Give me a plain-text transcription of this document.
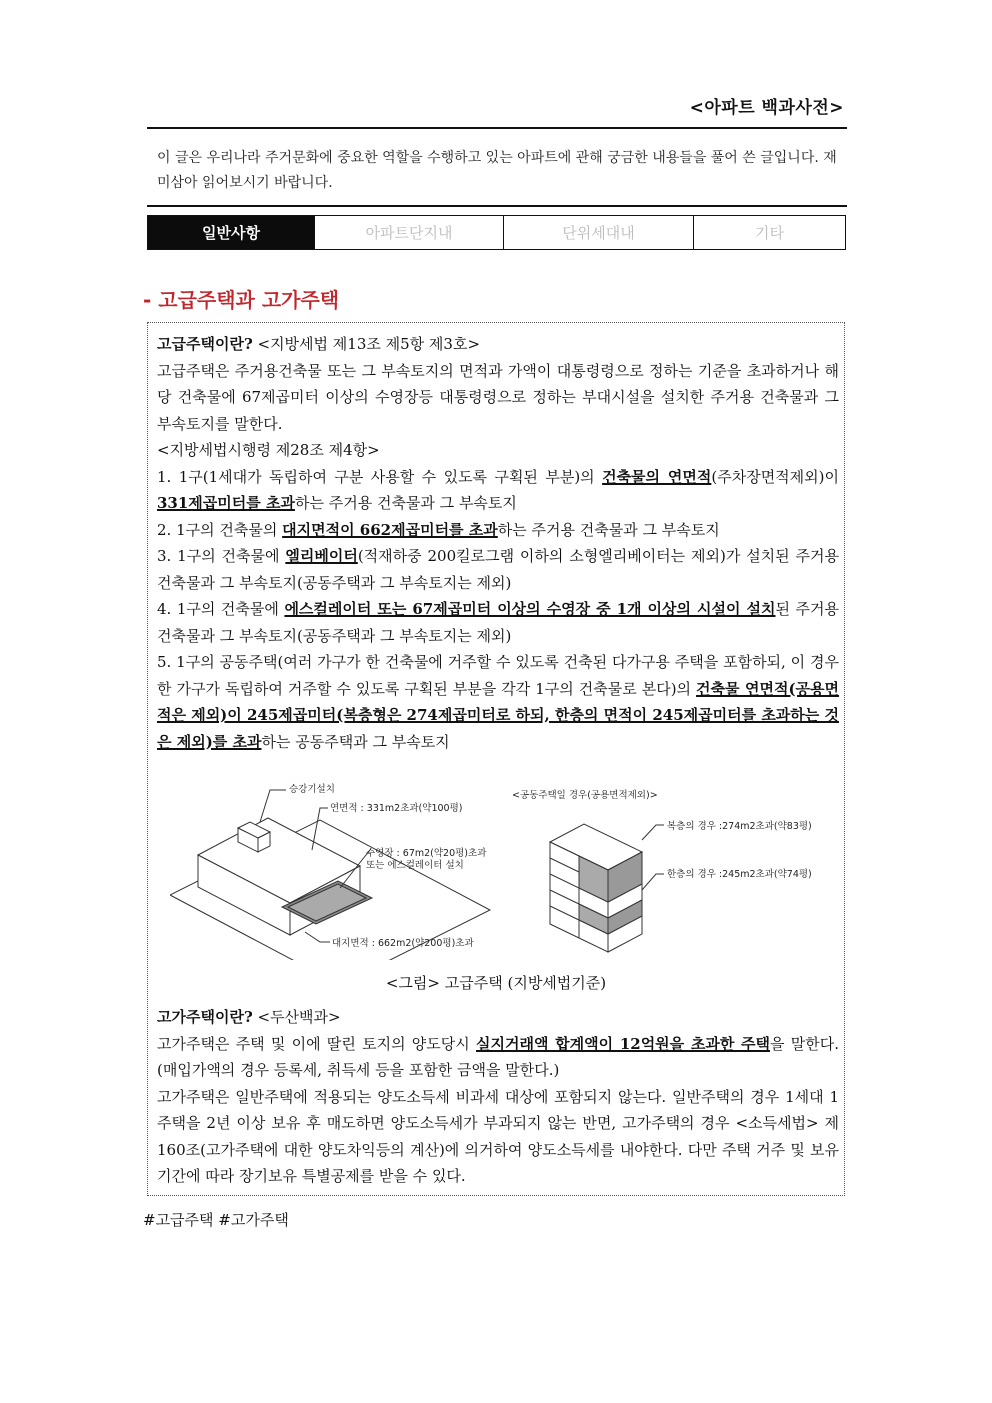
<아파트 백과사전>
이 글은 우리나라 주거문화에 중요한 역할을 수행하고 있는 아파트에 관해 궁금한 내용들을 풀어 쓴 글입니다. 재미삼아 읽어보시기 바랍니다.
일반사항	아파트단지내	단위세대내	기타
- 고급주택과 고가주택

고급주택이란? <지방세법 제13조 제5항 제3호>

고급주택은 주거용건축물 또는 그 부속토지의 면적과 가액이 대통령령으로 정하는 기준을 초과하거나 해당 건축물에 67제곱미터 이상의 수영장등 대통령령으로 정하는 부대시설을 설치한 주거용 건축물과 그 부속토지를 말한다.

<지방세법시행령 제28조 제4항>

1. 1구(1세대가 독립하여 구분 사용할 수 있도록 구획된 부분)의 건축물의 연면적(주차장면적제외)이 331제곱미터를 초과하는 주거용 건축물과 그 부속토지

2. 1구의 건축물의 대지면적이 662제곱미터를 초과하는 주거용 건축물과 그 부속토지

3. 1구의 건축물에 엘리베이터(적재하중 200킬로그램 이하의 소형엘리베이터는 제외)가 설치된 주거용 건축물과 그 부속토지(공동주택과 그 부속토지는 제외)

4. 1구의 건축물에 에스컬레이터 또는 67제곱미터 이상의 수영장 중 1개 이상의 시설이 설치된 주거용 건축물과 그 부속토지(공동주택과 그 부속토지는 제외)

5. 1구의 공동주택(여러 가구가 한 건축물에 거주할 수 있도록 건축된 다가구용 주택을 포함하되, 이 경우 한 가구가 독립하여 거주할 수 있도록 구획된 부분을 각각 1구의 건축물로 본다)의 건축물 연면적(공용면적은 제외)이 245제곱미터(복층형은 274제곱미터로 하되, 한층의 면적이 245제곱미터를 초과하는 것은 제외)를 초과하는 공동주택과 그 부속토지

승강기설치
연면적 : 331m2초과(약100평)
수영장 : 67m2(약20평)초과
또는 에스컬레이터 설치
대지면적 : 662m2(약200평)초과
<공동주택일 경우(공용면적제외)>
복층의 경우 :274m2초과(약83평)
한층의 경우 :245m2초과(약74평)
<그림> 고급주택 (지방세법기준)

고가주택이란? <두산백과>

고가주택은 주택 및 이에 딸린 토지의 양도당시 실지거래액 합계액이 12억원을 초과한 주택을 말한다. (매입가액의 경우 등록세, 취득세 등을 포함한 금액을 말한다.)

고가주택은 일반주택에 적용되는 양도소득세 비과세 대상에 포함되지 않는다. 일반주택의 경우 1세대 1주택을 2년 이상 보유 후 매도하면 양도소득세가 부과되지 않는 반면, 고가주택의 경우 <소득세법> 제160조(고가주택에 대한 양도차익등의 계산)에 의거하여 양도소득세를 내야한다. 다만 주택 거주 및 보유기간에 따라 장기보유 특별공제를 받을 수 있다.

#고급주택 #고가주택
